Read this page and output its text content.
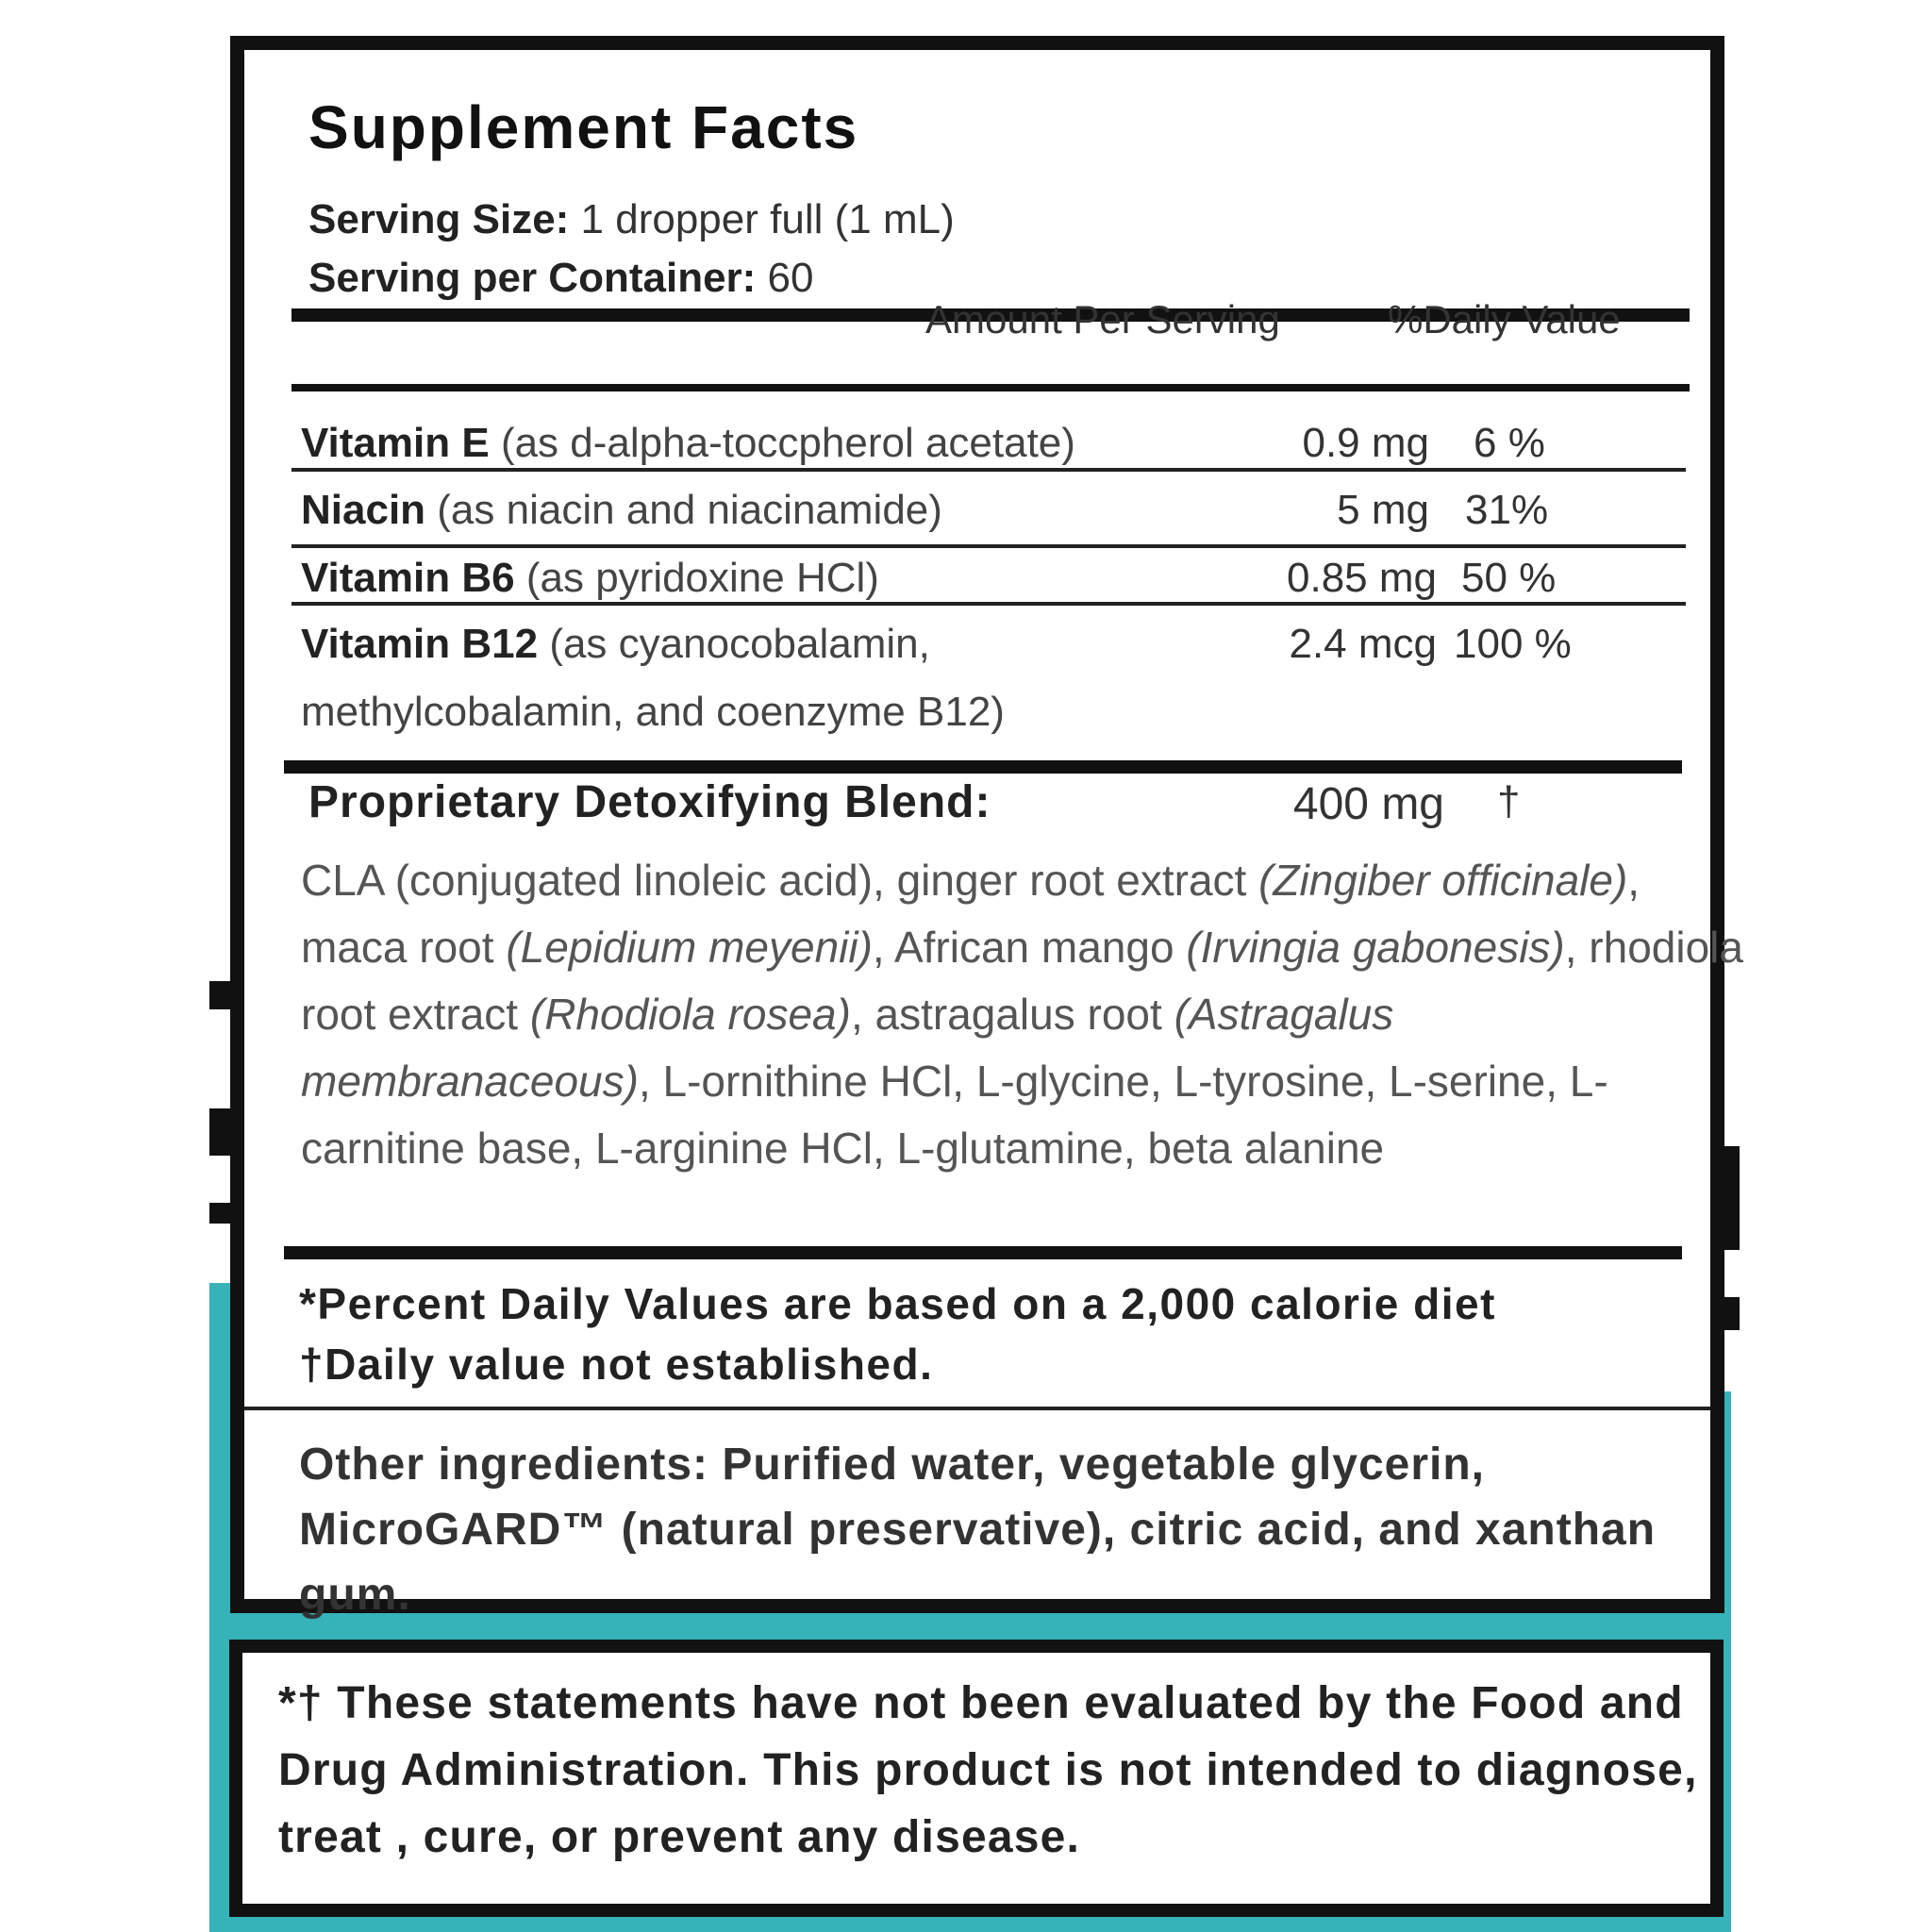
Supplement Facts
Serving Size: 1 dropper full (1 mL)
Serving per Container: 60
Amount Per Serving	%Daily Value
Vitamin E (as d-alpha-toccpherol acetate)	0.9 mg 6 %
Niacin (as niacin and niacinamide)	5 mg 31%
Vitamin B6 (as pyridoxine HCl)	0.85 mg 50 %
Vitamin B12 (as cyanocobalamin,
methylcobalamin, and coenzyme B12)
2.4 mcg 100 %
Proprietary Detoxifying Blend:	400 mg †
CLA (conjugated linoleic acid), ginger root extract (Zingiber officinale), maca root (Lepidium meyenii), African mango (Irvingia gabonesis), rhodiola root extract (Rhodiola rosea), astragalus root (Astragalus membranaceous), L-ornithine HCl, L-glycine, L-tyrosine, L-serine, L-carnitine base, L-arginine HCl, L-glutamine, beta alanine
*Percent Daily Values are based on a 2,000 calorie diet
†Daily value not established.
Other ingredients: Purified water, vegetable glycerin, MicroGARD™ (natural preservative), citric acid, and xanthan gum.
*† These statements have not been evaluated by the Food and Drug Administration. This product is not intended to diagnose, treat , cure, or prevent any disease.
